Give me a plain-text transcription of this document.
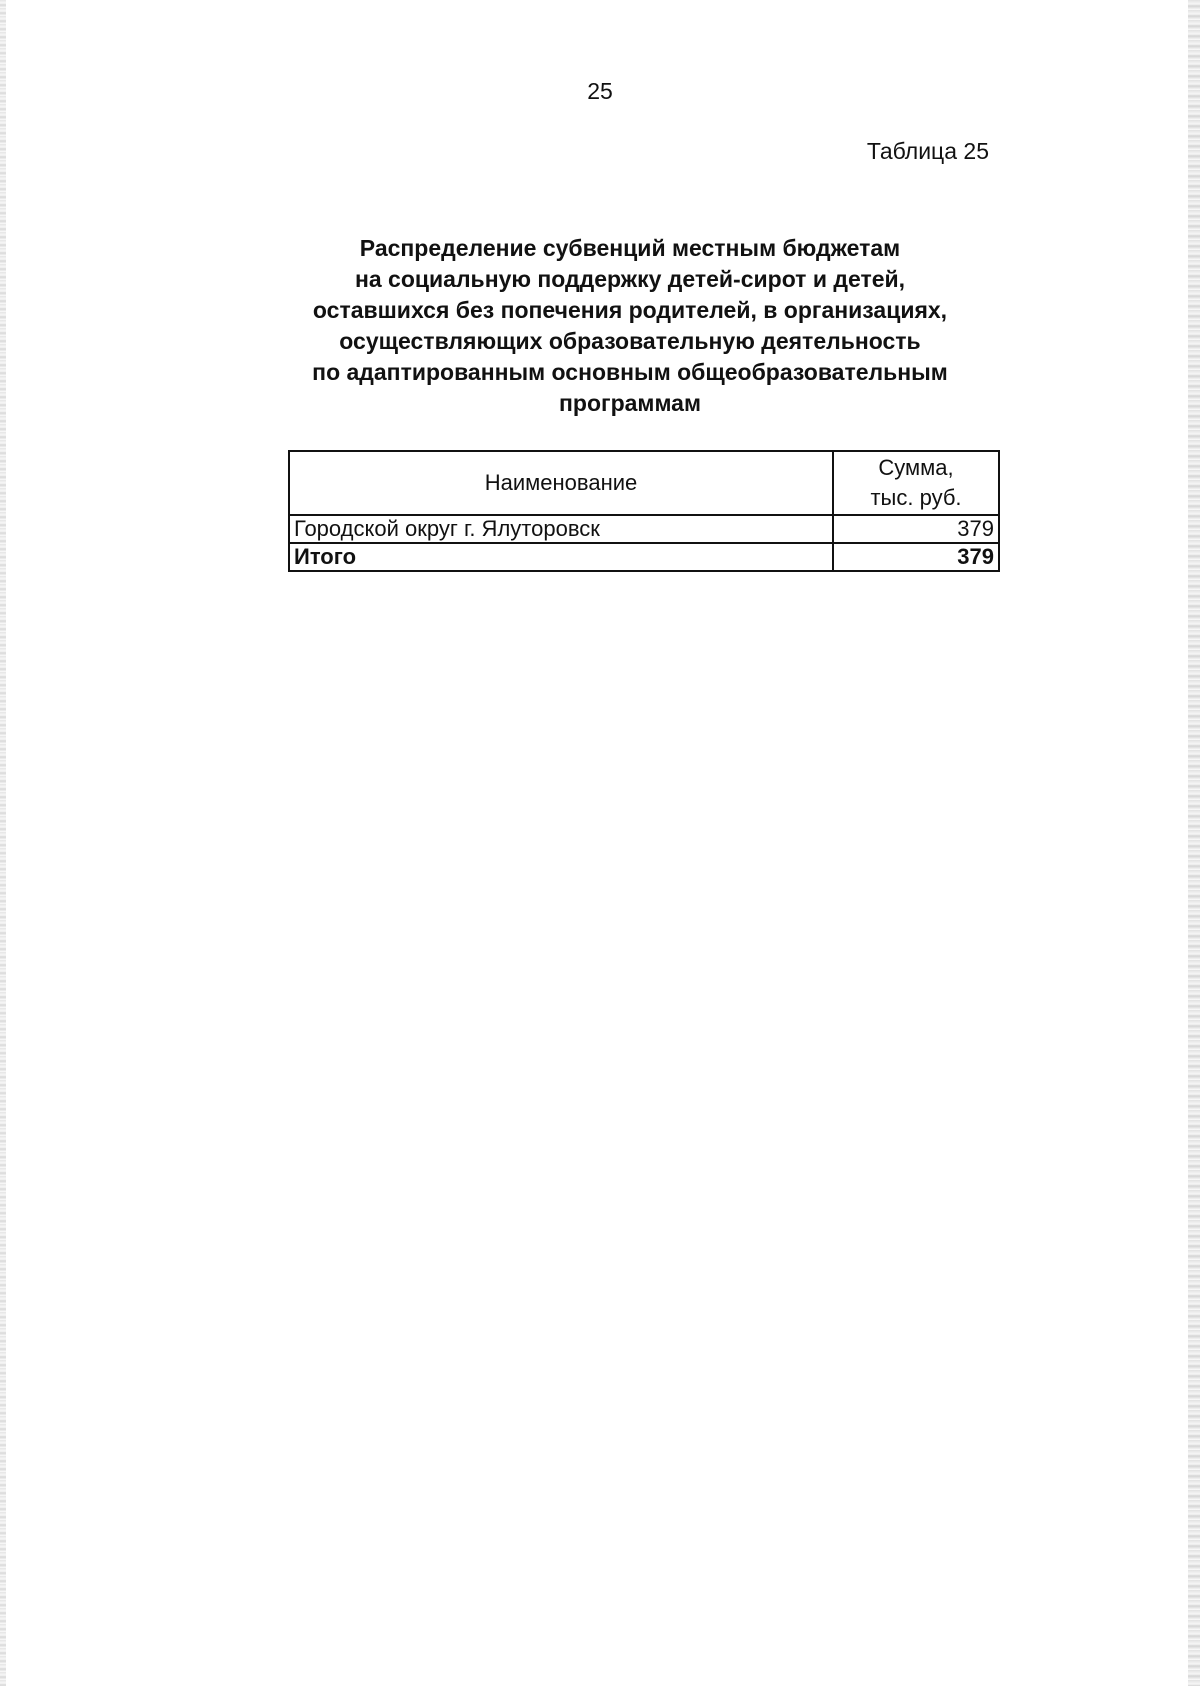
25
Таблица 25
Распределение субвенций местным бюджетам
на социальную поддержку детей-сирот и детей,
оставшихся без попечения родителей, в организациях,
осуществляющих образовательную деятельность
по адаптированным основным общеобразовательным
программам
Наименование	Сумма,
тыс. руб.

Городской округ г. Ялуторовск	379
Итого	379
